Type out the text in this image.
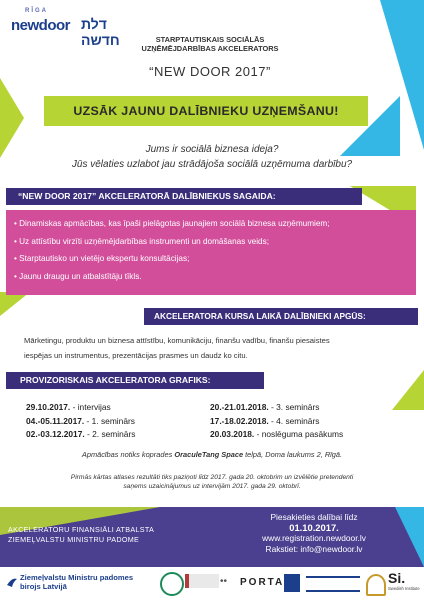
RĪGA
newdoor דלת חדשה	STARPTAUTISKAIS SOCIĀLĀS
UZŅĒMĒJDARBĪBAS AKCELERATORS
“NEW DOOR 2017”
UZSĀK JAUNU DALĪBNIEKU UZŅEMŠANU!
Jums ir sociālā biznesa ideja?
Jūs vēlaties uzlabot jau strādājoša sociālā uzņēmuma darbību?
“NEW DOOR 2017” AKCELERATORĀ DALĪBNIEKUS SAGAIDA:
• Dinamiskas apmācības, kas īpaši pielāgotas jaunajiem sociālā biznesa uzņēmumiem;
• Uz attīstību virzīti uzņēmējdarbības instrumenti un domāšanas veids;
• Starptautisko un vietējo ekspertu konsultācijas;
• Jaunu draugu un atbalstītāju tīkls.
AKCELERATORA KURSA LAIKĀ DALĪBNIEKI APGŪS:
Mārketingu, produktu un biznesa attīstību, komunikāciju, finanšu vadību, finanšu piesaistes
iespējas un instrumentus, prezentācijas prasmes un daudz ko citu.
PROVIZORISKAIS AKCELERATORA GRAFIKS:
29.10.2017. - intervijas
04.-05.11.2017. - 1. seminārs
02.-03.12.2017. - 2. seminārs
20.-21.01.2018. - 3. seminārs
17.-18.02.2018. - 4. seminārs
20.03.2018. - noslēguma pasākums
Apmācības notiks koprades OraculeTang Space telpā, Doma laukums 2, Rīgā.
Pirmās kārtas atlases rezultāti tiks paziņoti līdz 2017. gada 20. oktobrim un izvēlētie pretendenti
saņems uzaicinājumus uz intervijām 2017. gada 29. oktobrī.
AKCELERATORU FINANSIĀLI ATBALSTA
ZIEMEĻVALSTU MINISTRU PADOME
Piesakieties dalībai līdz
01.10.2017.
www.registration.newdoor.lv
Rakstiet: info@newdoor.lv
Ziemeļvalstu Ministru padomes
birojs Latvijā	•• PORTA	Si.
Swedish Institute
